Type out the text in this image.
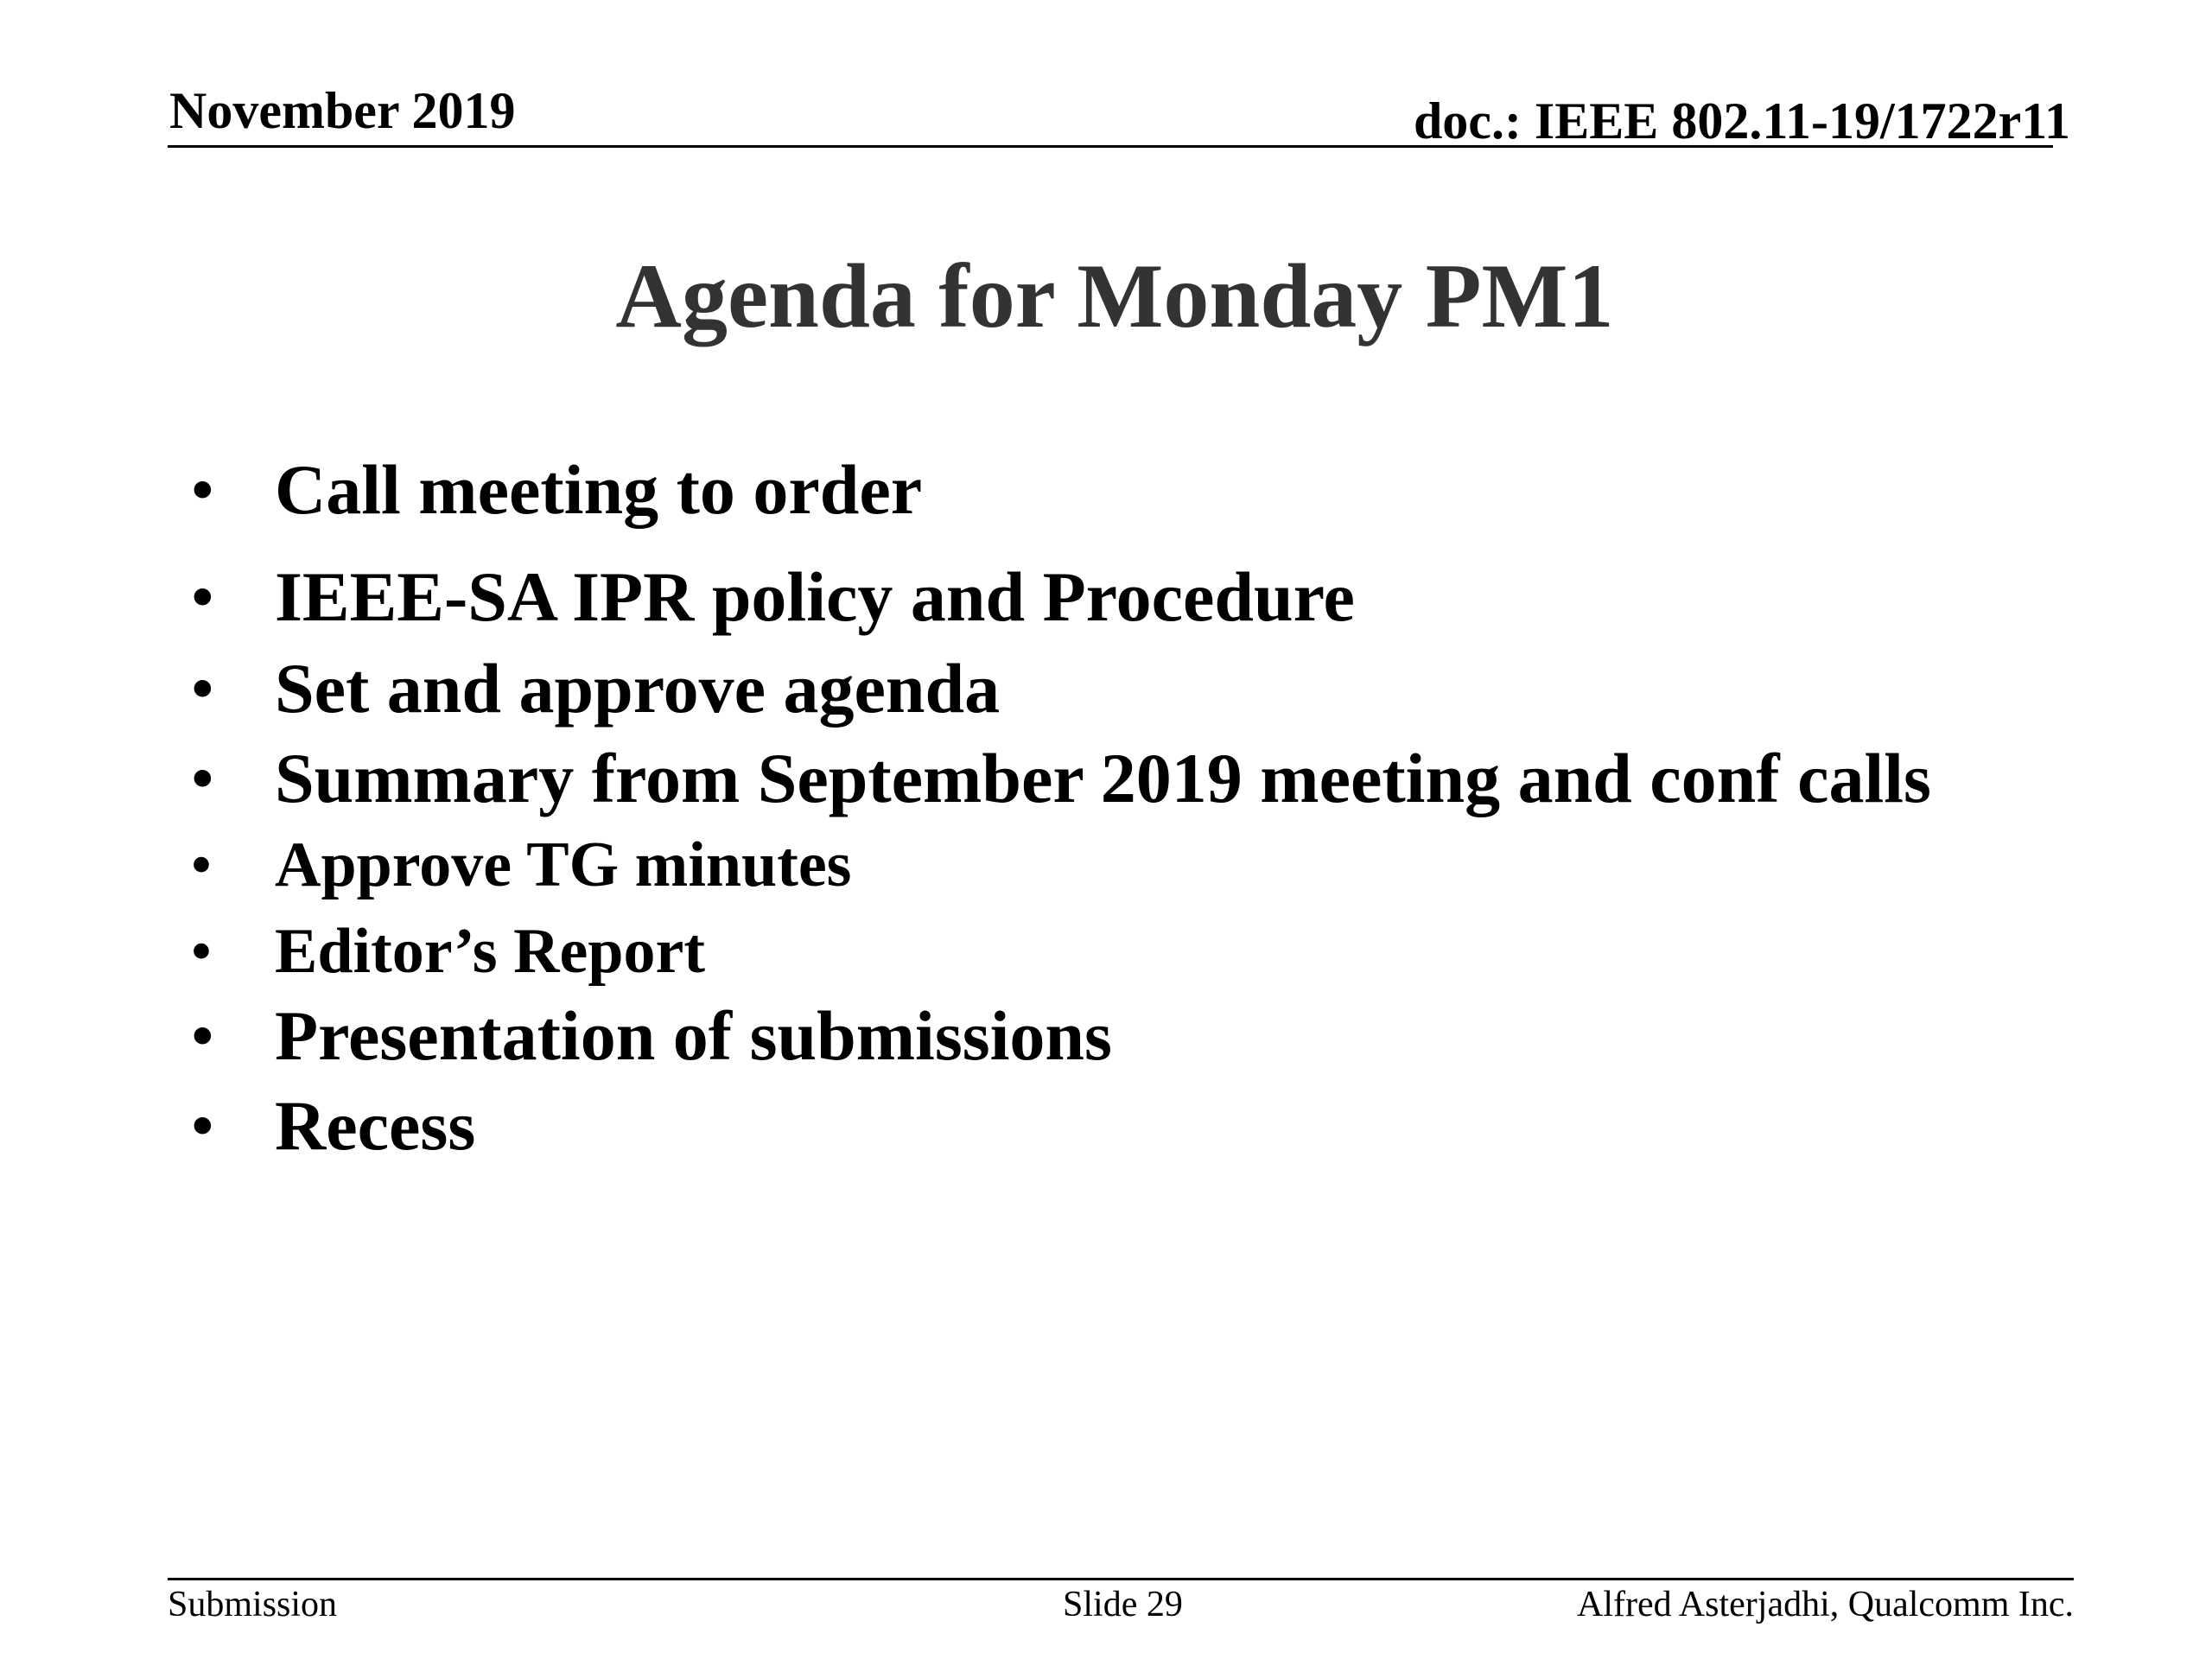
November 2019	doc.: IEEE 802.11-19/1722r11
Agenda for Monday PM1
• Call meeting to order
• IEEE-SA IPR policy and Procedure
• Set and approve agenda
• Summary from September 2019 meeting and conf calls
• Approve TG minutes
• Editor’s Report
• Presentation of submissions
• Recess
Submission	Slide 29	Alfred Asterjadhi, Qualcomm Inc.
